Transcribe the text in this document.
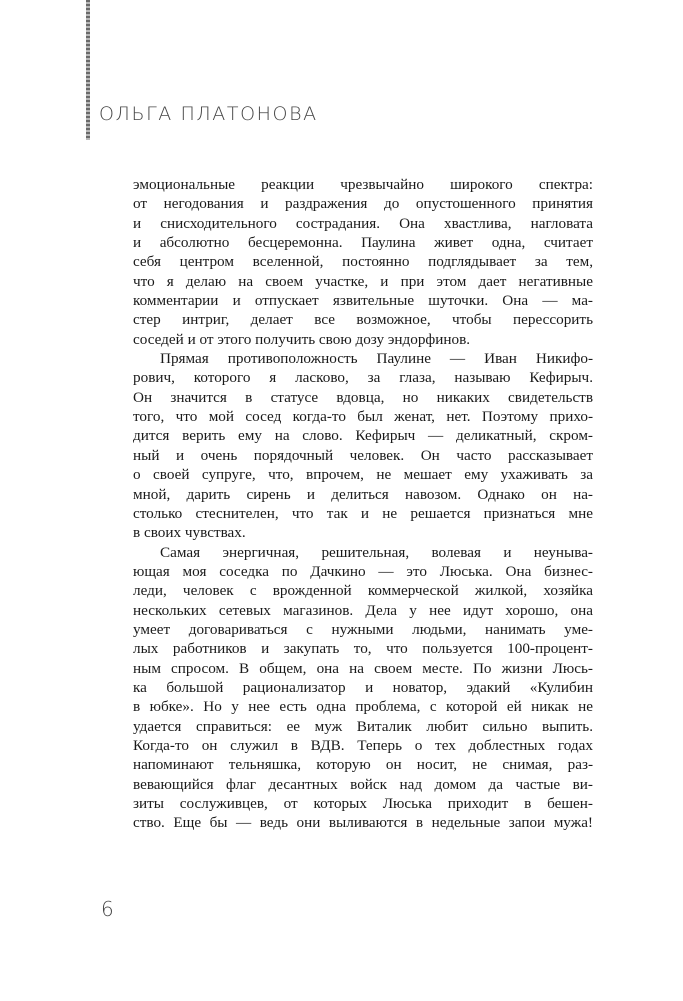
ОЛЬГА ПЛАТОНОВА
эмоциональные реакции чрезвычайно широкого спектра:
от негодования и раздражения до опустошенного принятия
и снисходительного сострадания. Она хвастлива, нагловата
и абсолютно бесцеремонна. Паулина живет одна, считает
себя центром вселенной, постоянно подглядывает за тем,
что я делаю на своем участке, и при этом дает негативные
комментарии и отпускает язвительные шуточки. Она — ма-
стер интриг, делает все возможное, чтобы перессорить
соседей и от этого получить свою дозу эндорфинов.
Прямая противоположность Паулине — Иван Никифо-
рович, которого я ласково, за глаза, называю Кефирыч.
Он значится в статусе вдовца, но никаких свидетельств
того, что мой сосед когда-то был женат, нет. Поэтому прихо-
дится верить ему на слово. Кефирыч — деликатный, скром-
ный и очень порядочный человек. Он часто рассказывает
о своей супруге, что, впрочем, не мешает ему ухаживать за
мной, дарить сирень и делиться навозом. Однако он на-
столько стеснителен, что так и не решается признаться мне
в своих чувствах.
Самая энергичная, решительная, волевая и неуныва-
ющая моя соседка по Дачкино — это Люська. Она бизнес-
леди, человек с врожденной коммерческой жилкой, хозяйка
нескольких сетевых магазинов. Дела у нее идут хорошо, она
умеет договариваться с нужными людьми, нанимать уме-
лых работников и закупать то, что пользуется 100-процент-
ным спросом. В общем, она на своем месте. По жизни Люсь-
ка большой рационализатор и новатор, эдакий «Кулибин
в юбке». Но у нее есть одна проблема, с которой ей никак не
удается справиться: ее муж Виталик любит сильно выпить.
Когда-то он служил в ВДВ. Теперь о тех доблестных годах
напоминают тельняшка, которую он носит, не снимая, раз-
вевающийся флаг десантных войск над домом да частые ви-
зиты сослуживцев, от которых Люська приходит в бешен-
ство. Еще бы — ведь они выливаются в недельные запои мужа!
6
